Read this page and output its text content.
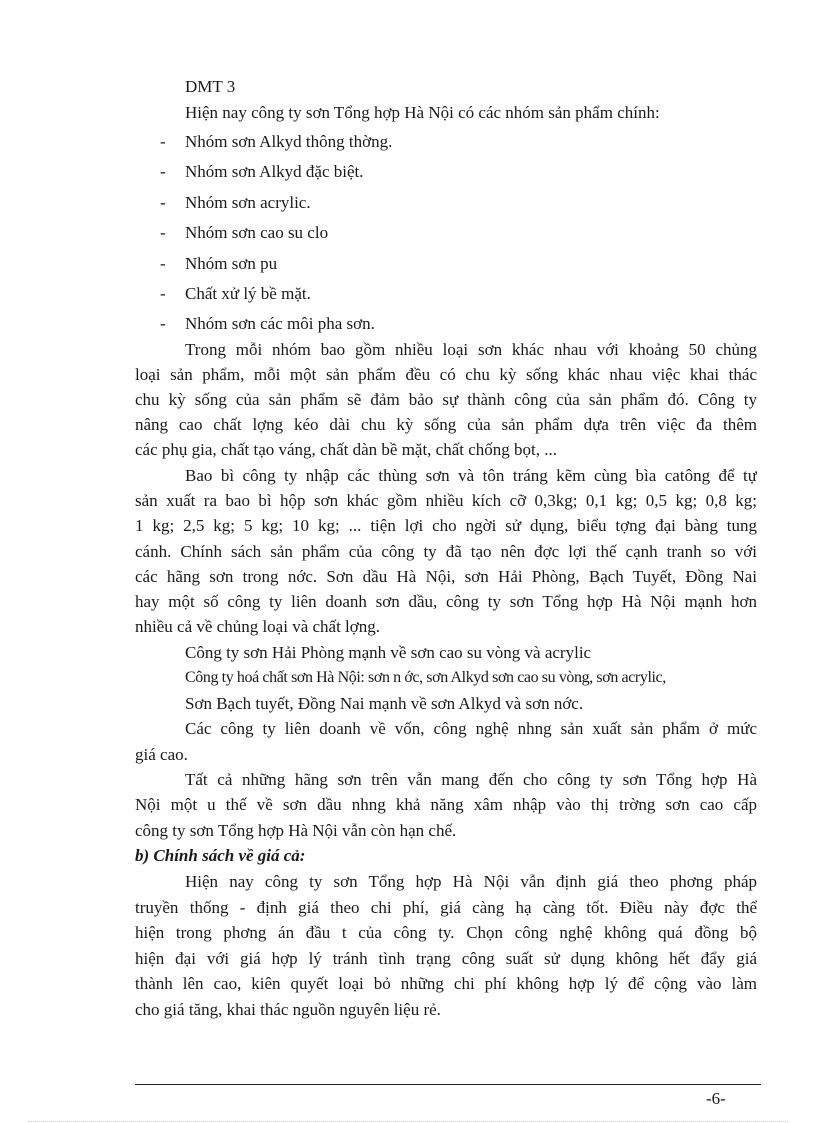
DMT 3
Hiện nay công ty sơn Tổng hợp Hà Nội có các nhóm sản phẩm chính:
- Nhóm sơn Alkyd thông thờng.
- Nhóm sơn Alkyd đặc biệt.
- Nhóm sơn acrylic.
- Nhóm sơn cao su clo
- Nhóm sơn pu
- Chất xử lý bề mặt.
- Nhóm sơn các môi pha sơn.
Trong mỗi nhóm bao gồm nhiều loại sơn khác nhau với khoảng 50 chủng
loại sản phẩm, mỗi một sản phẩm đều có chu kỳ sống khác nhau việc khai thác
chu kỳ sống của sản phẩm sẽ đảm bảo sự thành công của sản phẩm đó. Công ty
nâng cao chất lợng kéo dài chu kỳ sống của sản phẩm dựa trên việc đa thêm
các phụ gia, chất tạo váng, chất dàn bề mặt, chất chống bọt, ...
Bao bì công ty nhập các thùng sơn và tôn tráng kẽm cùng bìa catông để tự
sản xuất ra bao bì hộp sơn khác gồm nhiều kích cỡ 0,3kg; 0,1 kg; 0,5 kg; 0,8 kg;
1 kg; 2,5 kg; 5 kg; 10 kg; ... tiện lợi cho ngời sử dụng, biểu tợng đại bàng tung
cánh. Chính sách sản phẩm của công ty đã tạo nên đợc lợi thế cạnh tranh so với
các hãng sơn trong nớc. Sơn dầu Hà Nội, sơn Hải Phòng, Bạch Tuyết, Đồng Nai
hay một số công ty liên doanh sơn dầu, công ty sơn Tổng hợp Hà Nội mạnh hơn
nhiều cả về chủng loại và chất lợng.
Công ty sơn Hải Phòng mạnh về sơn cao su vòng và acrylic
Công ty hoá chất sơn Hà Nội: sơn n ớc, sơn Alkyd sơn cao su vòng, sơn acrylic,
Sơn Bạch tuyết, Đồng Nai mạnh về sơn Alkyd và sơn nớc.
Các công ty liên doanh về vốn, công nghệ nhng sản xuất sản phẩm ở mức
giá cao.
Tất cả những hãng sơn trên vẫn mang đến cho công ty sơn Tổng hợp Hà
Nội một u thế về sơn dầu nhng khả năng xâm nhập vào thị trờng sơn cao cấp
công ty sơn Tổng hợp Hà Nội vẫn còn hạn chế.
b) Chính sách về giá cả:
Hiện nay công ty sơn Tổng hợp Hà Nội vẫn định giá theo phơng pháp
truyền thống - định giá theo chi phí, giá càng hạ càng tốt. Điều này đợc thể
hiện trong phơng án đầu t của công ty. Chọn công nghệ không quá đồng bộ
hiện đại với giá hợp lý tránh tình trạng công suất sử dụng không hết đẩy giá
thành lên cao, kiên quyết loại bỏ những chi phí không hợp lý để cộng vào làm
cho giá tăng, khai thác nguồn nguyên liệu rẻ.
-6-
